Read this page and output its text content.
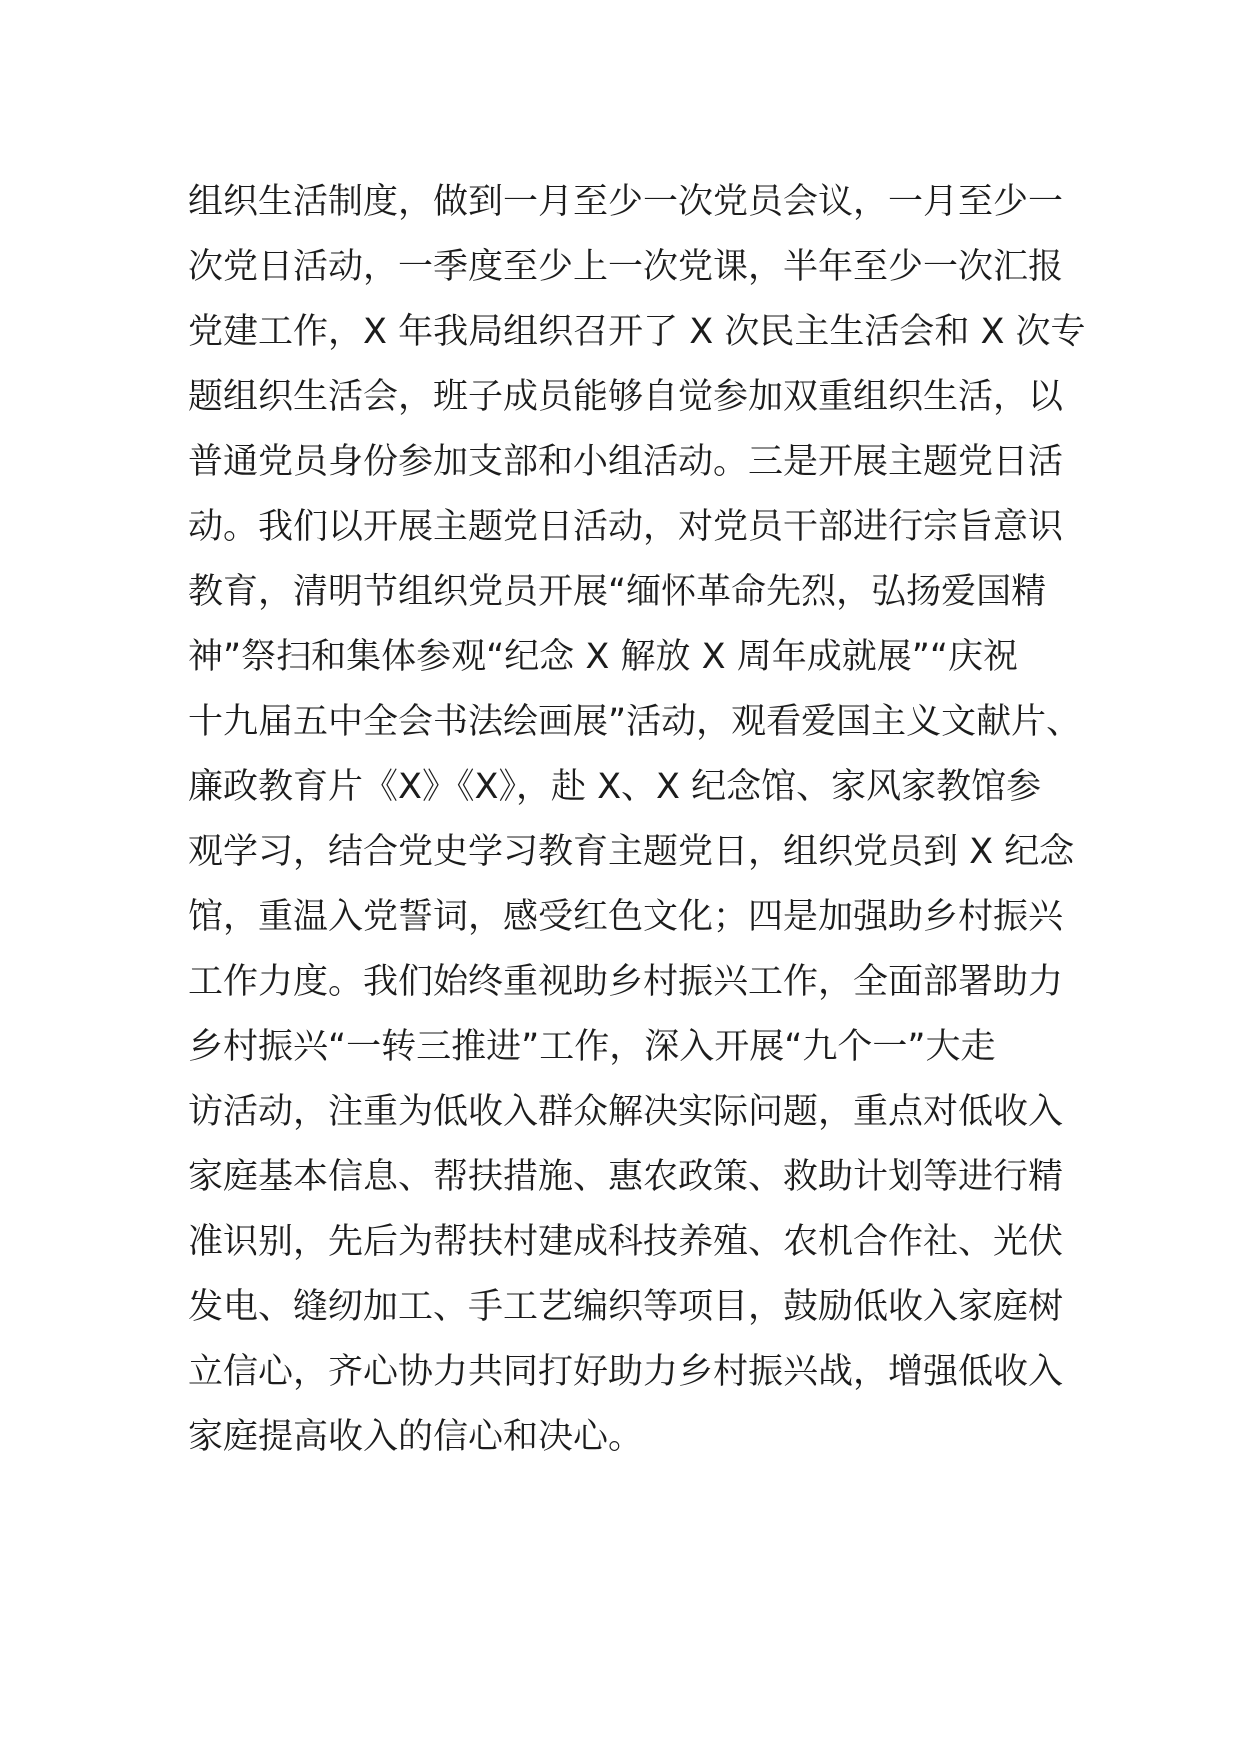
组织生活制度，做到一月至少一次党员会议，一月至少一
次党日活动，一季度至少上一次党课，半年至少一次汇报
党建工作，X 年我局组织召开了 X 次民主生活会和 X 次专
题组织生活会，班子成员能够自觉参加双重组织生活，以
普通党员身份参加支部和小组活动。三是开展主题党日活
动。我们以开展主题党日活动，对党员干部进行宗旨意识
教育，清明节组织党员开展“缅怀革命先烈，弘扬爱国精
神”祭扫和集体参观“纪念 X 解放 X 周年成就展”“庆祝
十九届五中全会书法绘画展”活动，观看爱国主义文献片、
廉政教育片《X》《X》，赴 X、X 纪念馆、家风家教馆参
观学习，结合党史学习教育主题党日，组织党员到 X 纪念
馆，重温入党誓词，感受红色文化；四是加强助乡村振兴
工作力度。我们始终重视助乡村振兴工作，全面部署助力
乡村振兴“一转三推进”工作，深入开展“九个一”大走
访活动，注重为低收入群众解决实际问题，重点对低收入
家庭基本信息、帮扶措施、惠农政策、救助计划等进行精
准识别，先后为帮扶村建成科技养殖、农机合作社、光伏
发电、缝纫加工、手工艺编织等项目，鼓励低收入家庭树
立信心，齐心协力共同打好助力乡村振兴战，增强低收入
家庭提高收入的信心和决心。
